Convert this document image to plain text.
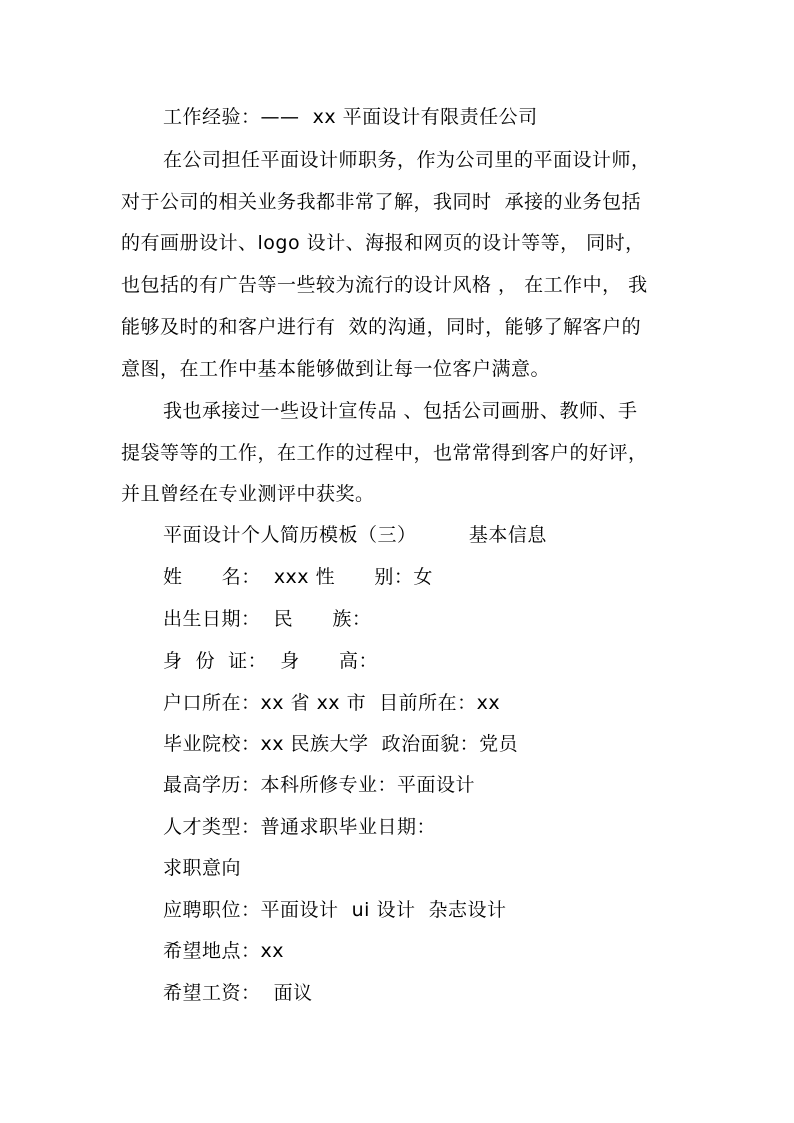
工作经验：——  xx 平面设计有限责任公司
在公司担任平面设计师职务，作为公司里的平面设计师，
对于公司的相关业务我都非常了解，我同时  承接的业务包括
的有画册设计、logo 设计、海报和网页的设计等等， 同时，
也包括的有广告等一些较为流行的设计风格 ， 在工作中， 我
能够及时的和客户进行有  效的沟通，同时，能够了解客户的
意图，在工作中基本能够做到让每一位客户满意。
我也承接过一些设计宣传品 、包括公司画册、教师、手
提袋等等的工作，在工作的过程中，也常常得到客户的好评，
并且曾经在专业测评中获奖。
平面设计个人简历模板（三）        基本信息
姓      名：  xxx 性      别：女
出生日期：  民      族：
身  份  证：  身      高：
户口所在：xx 省 xx 市  目前所在：xx
毕业院校：xx 民族大学  政治面貌：党员
最高学历：本科所修专业：平面设计
人才类型：普通求职毕业日期：
求职意向
应聘职位：平面设计  ui 设计  杂志设计
希望地点：xx
希望工资：  面议
